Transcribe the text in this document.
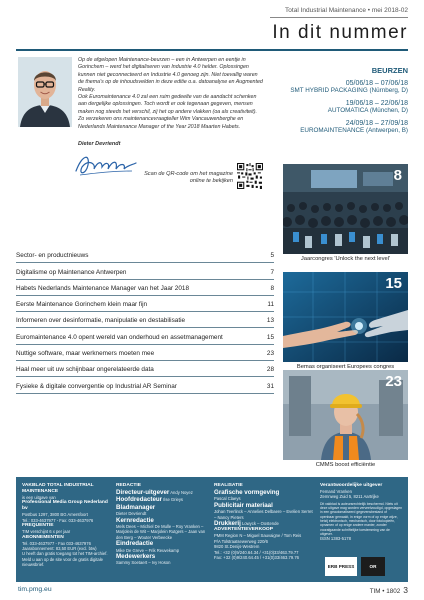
Total Industrial Maintenance • mei 2018-02
In dit nummer

Op de afgelopen Maintenance-beurzen – een in Antwerpen en eentje in Gorinchem – werd het digitaliseren van Industrie 4.0 helder. Oplossingen kunnen niet geconnecteerd en Industrie 4.0 genoeg zijn. Niet toevallig waren de thema's op de inhoudsvelden in deze editie o.a. datoanalyse en Augmented Reality.

Ook Euromaintenance 4.0 zal een ruim gedeelte van de aandacht schenken aan dergelijke oplossingen. Toch wordt er ook tegenaan gegeven, mensen maken nog steeds het verschil, zij het op andere vlakken (oa als creativiteit). Zo verzekeren ons maintenancevraagteller Wim Vancauwenberghe en Nederlands Maintenance Manager of the Year 2018 Maarten Habets.

BEURZEN
05/06/18 – 07/06/18
SMT HYBRID PACKAGING (Nürnberg, D)
19/06/18 – 22/06/18
AUTOMATICA (München, D)
24/09/18 – 27/09/18
EUROMAINTENANCE (Antwerpen, B)
Dieter Devriendt
Scan de QR-code om het magazine online te bekijken
Sector- en productnieuws	5
Digitalisme op Maintenance Antwerpen	7
Habets Nederlands Maintenance Manager van het Jaar 2018	8
Eerste Maintenance Gorinchem klein maar fijn	11
Informeren over desinformatie, manipulatie en destabilisatie	13
Euromaintenance 4.0 opent wereld van onderhoud en assetmanagement	15
Nuttige software, maar werknemers moeten mee	23
Haal meer uit uw schijnbaar ongerelateerde data	28
Fysieke & digitale convergentie op Industrial AR Seminar	31
8
Jaarcongres 'Unlock the next level'
15
Bemas organiseert Europees congres
23
CMMS boost efficiëntie
VAKBLAD TOTAL INDUSTRIAL MAINTENANCE
is een uitgave van
Professional Media Group Nederland bv
Postbus 1297, 3800 BG Amersfoort
Tel.: 033-4637977 - Fax: 033-4637976
FREQUENTIE
TIM verschijnt 6 x per jaar
ABONNEMENTEN
Tel. 033-4637977 - Fax 033-4637976
Jaarabonnement: 83,50 EUR (excl. btw)
U heeft dan gratis toegang tot het TIM-archief. Meld u aan op de site voor de gratis digitale nieuwsbrief.
REDACTIE
Directeur-uitgever Andy Noyez
Hoofdredacteur Ilse Grieys
Bladmanager
Dieter Devriendt
Kernredactie
Mels Dees – Michiel De Mulle – Roy Vranken – Marjolein de Wit – Marjolein Rutgers – Jaan van den Berg – Wouter Verbeecke
Eindredactie
Mike De Greve – Frik Reuvekamp
Medewerkers
Sammy Soetaert – Ivy Hoson
REALISATIE
Grafische vormgeving
Pascal Claeys
Publicitair materiaal
Johan Teerlinck – Annelies Delbaere – Evelien Serret – Nancy Pieters
Drukkerij Lowyck – Oostende
ADVERTENTIEVERKOOP
PMM Region N – Miguel Sauvaigne / Tom Reis
P/A Tolstraatsewerweg 220/6
9820 St.Denijs-Westrem
Tel.: +32 (0)9/240.64.34 / +31(0)33/463.79.77
Fax: +32 (0)9/240.64.45 / +31(0)33/463.79.76
Verantwoordelijke uitgever
Femand Vranken
Zemnweg Zuid 5, 8211 Aartrijke
Dit vakblad is auteursrechtelijk beschermd. Niets uit deze uitgave mag worden verveelvoudigd, opgeslagen in een geautomatiseerd gegevensbestand of openbaar gemaakt, in enige vorm of op enige wijze, hetzij elektronisch, mechanisch, door fotokopieën, opnamen of op enige andere manier, zonder voorafgaande schriftelijke toestemming van de uitgever.
ISSN 1383-5178
ERB PRESS	OR
tim.pmg.eu	TIM • 1802 3
